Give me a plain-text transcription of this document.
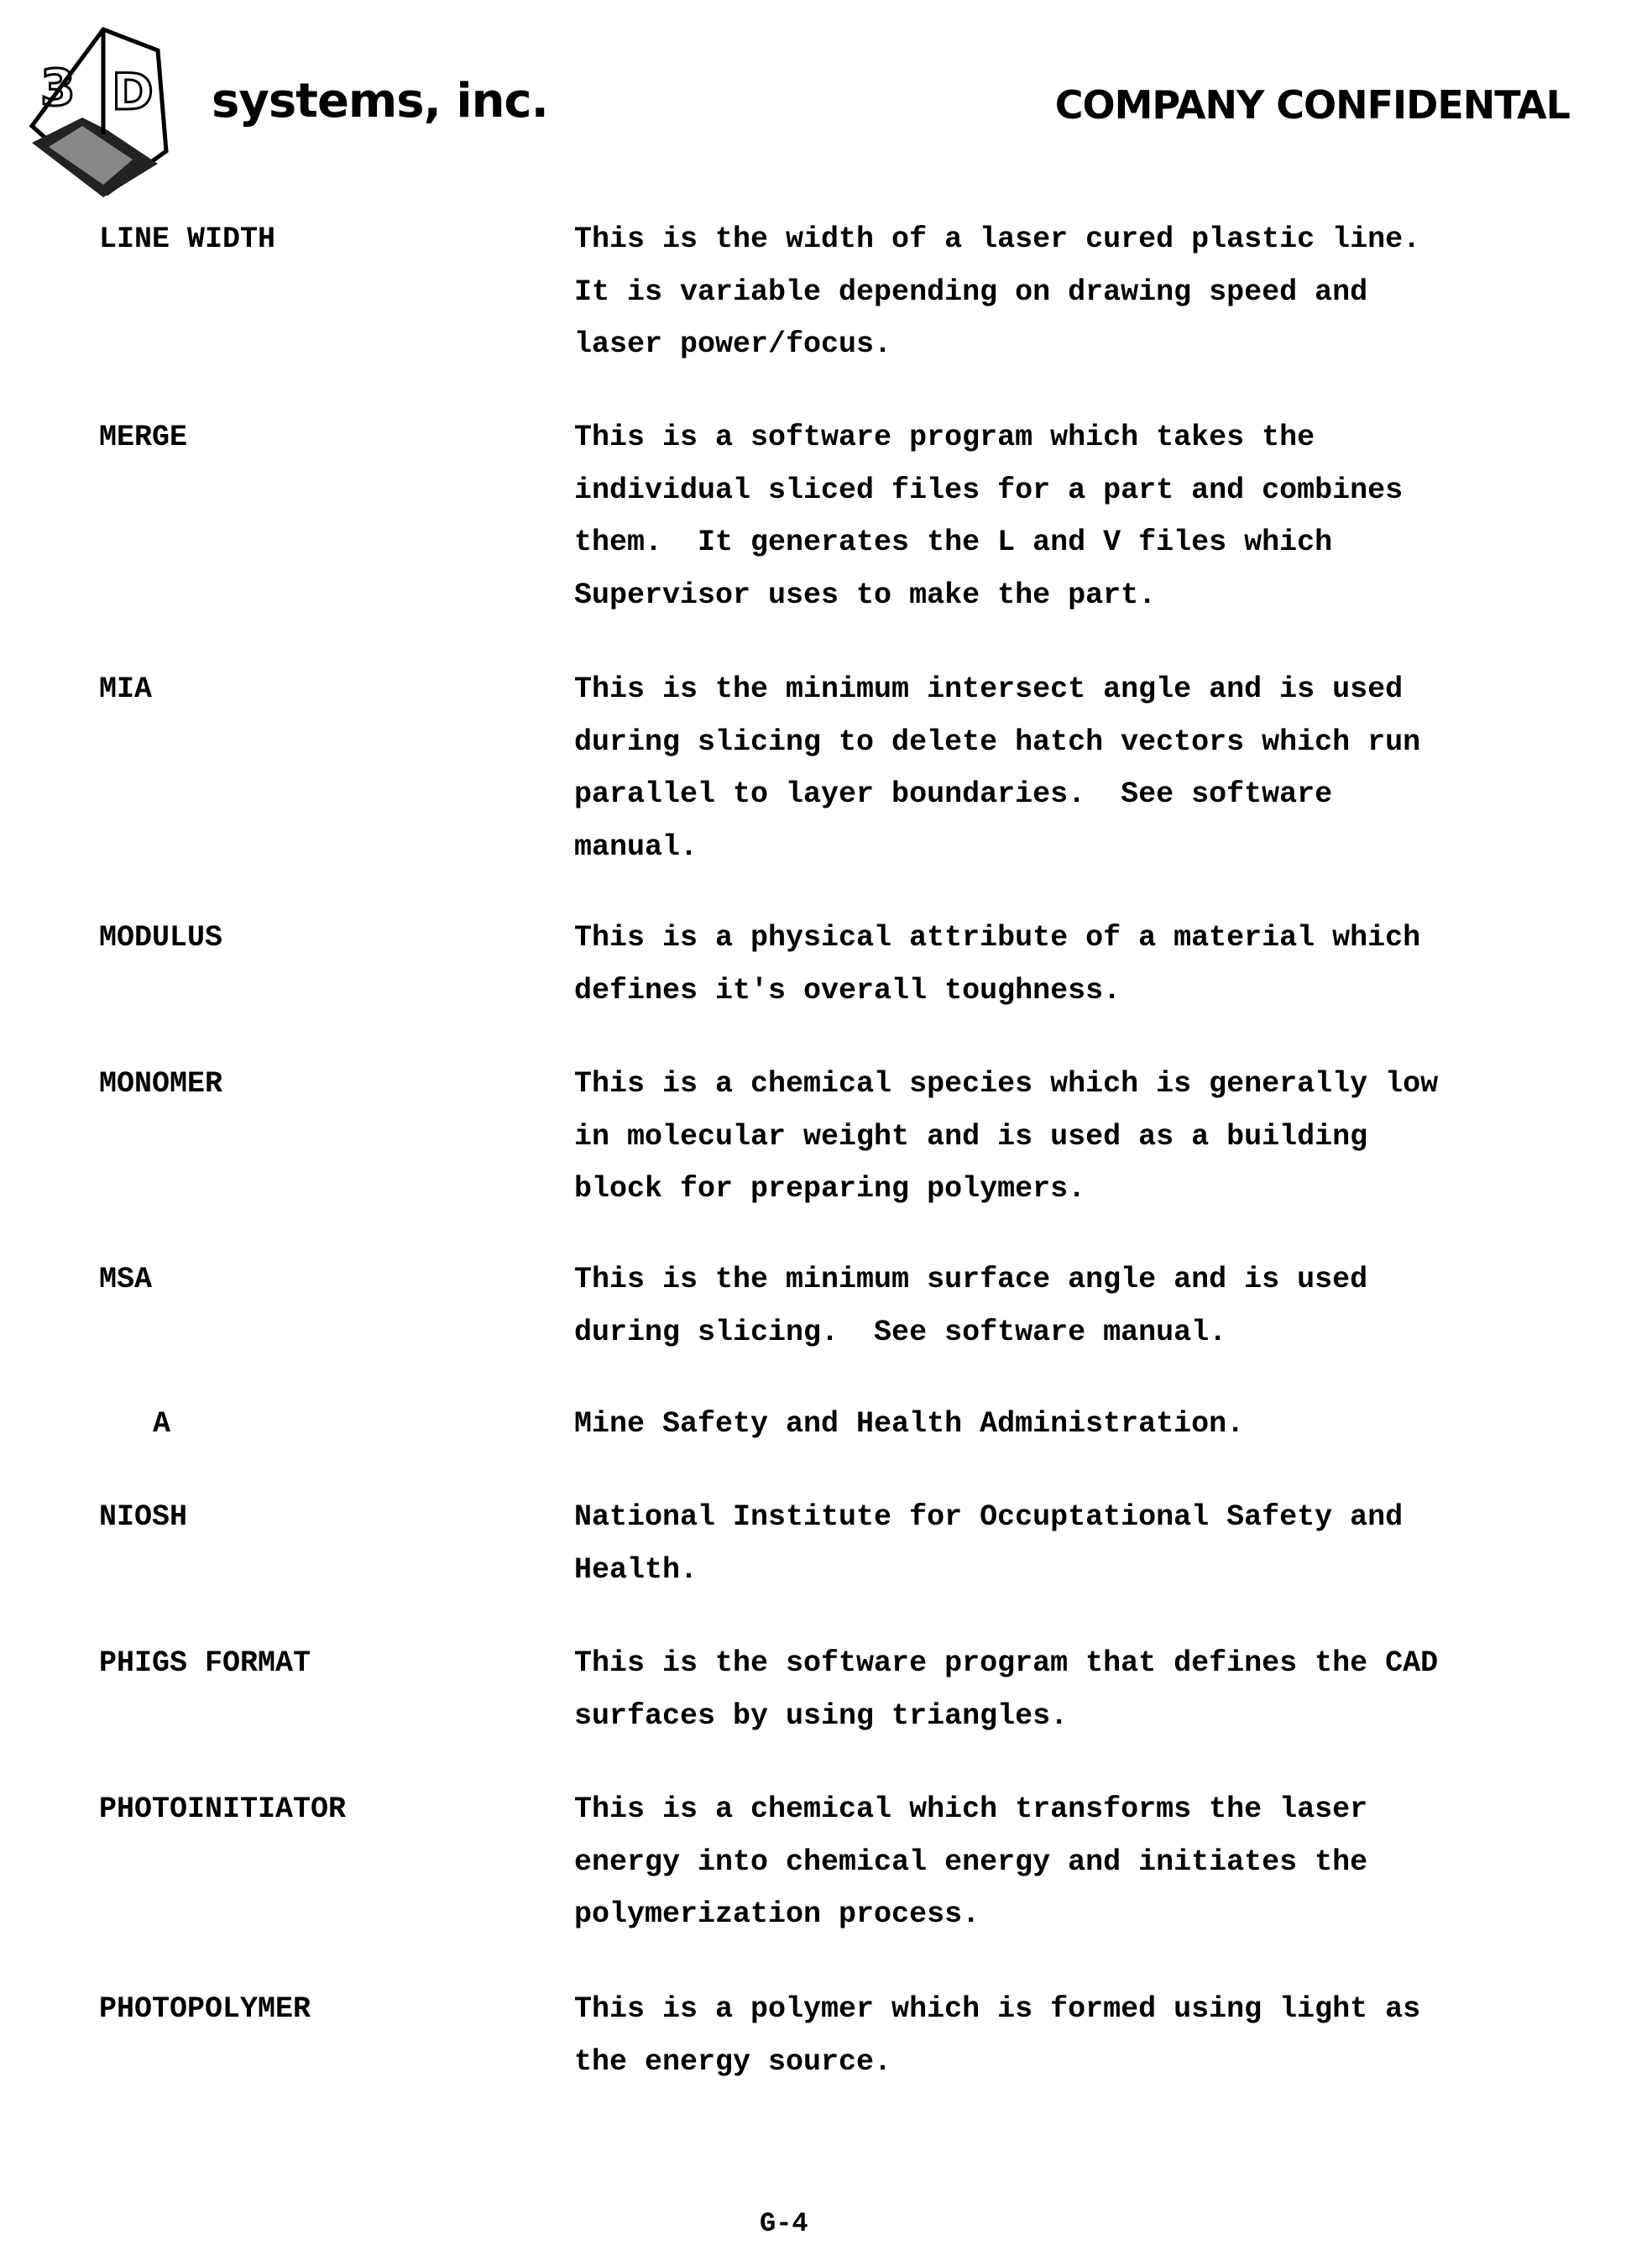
3 D systems, inc.	COMPANY CONFIDENTAL
LINE WIDTH	This is the width of a laser cured plastic line.
It is variable depending on drawing speed and
laser power/focus.
MERGE	This is a software program which takes the
individual sliced files for a part and combines
them.  It generates the L and V files which
Supervisor uses to make the part.
MIA	This is the minimum intersect angle and is used
during slicing to delete hatch vectors which run
parallel to layer boundaries.  See software
manual.
MODULUS	This is a physical attribute of a material which
defines it's overall toughness.
MONOMER	This is a chemical species which is generally low
in molecular weight and is used as a building
block for preparing polymers.
MSA	This is the minimum surface angle and is used
during slicing.  See software manual.
A	Mine Safety and Health Administration.
NIOSH	National Institute for Occuptational Safety and
Health.
PHIGS FORMAT	This is the software program that defines the CAD
surfaces by using triangles.
PHOTOINITIATOR	This is a chemical which transforms the laser
energy into chemical energy and initiates the
polymerization process.
PHOTOPOLYMER	This is a polymer which is formed using light as
the energy source.
G-4
